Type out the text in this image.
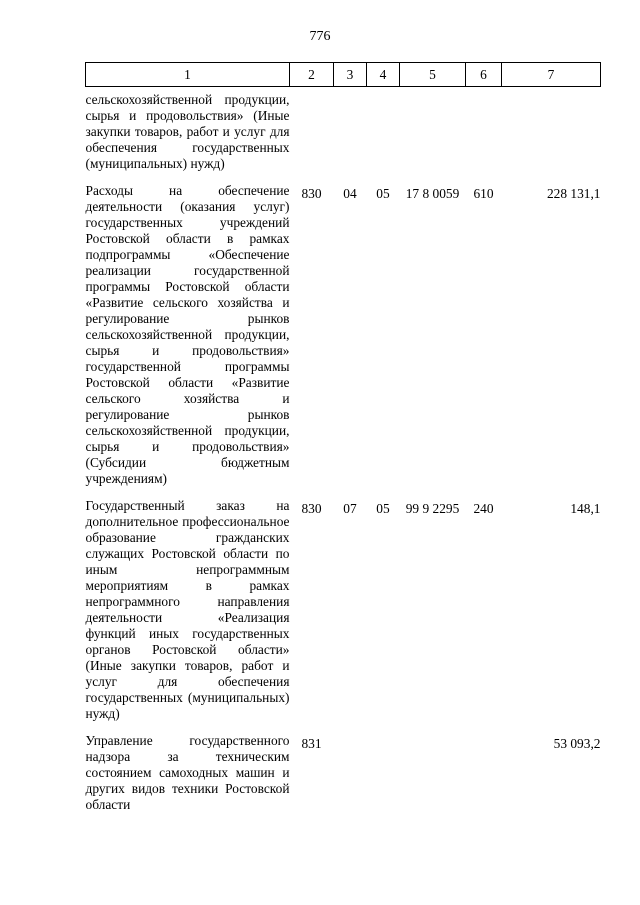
776
1	2	3	4	5	6	7
сельскохозяйственной продукции, сырья и продовольствия» (Иные закупки товаров, работ и услуг для обеспечения государственных (муниципальных) нужд)						
Расходы на обеспечение деятельности (оказания услуг) государственных учреждений Ростовской области в рамках подпрограммы «Обеспечение реализации государственной программы Ростовской области «Развитие сельского хозяйства и регулирование рынков сельскохозяйственной продукции, сырья и продовольствия» государственной программы Ростовской области «Развитие сельского хозяйства и регулирование рынков сельскохозяйственной продукции, сырья и продовольствия» (Субсидии бюджетным учреждениям)	830	04	05	17 8 0059	610	228 131,1
Государственный заказ на дополнительное профессиональное образование гражданских служащих Ростовской области по иным непрограммным мероприятиям в рамках непрограммного направления деятельности «Реализация функций иных государственных органов Ростовской области» (Иные закупки товаров, работ и услуг для обеспечения государственных (муниципальных) нужд)	830	07	05	99 9 2295	240	148,1
Управление государственного надзора за техническим состоянием самоходных машин и других видов техники Ростовской области	831					53 093,2
